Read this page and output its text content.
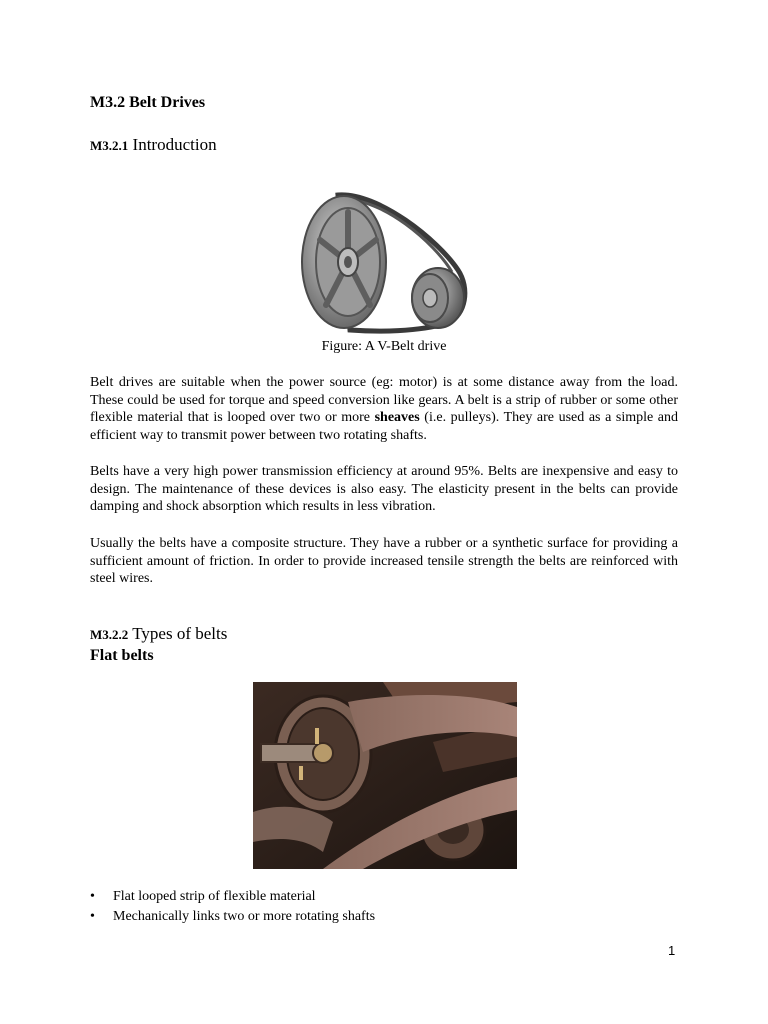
M3.2 Belt Drives
M3.2.1 Introduction
Figure: A V-Belt drive

Belt drives are suitable when the power source (eg: motor) is at some distance away from the load. These could be used for torque and speed conversion like gears. A belt is a strip of rubber or some other flexible material that is looped over two or more sheaves (i.e. pulleys). They are used as a simple and efficient way to transmit power between two rotating shafts.

Belts have a very high power transmission efficiency at around 95%. Belts are inexpensive and easy to design. The maintenance of these devices is also easy. The elasticity present in the belts can provide damping and shock absorption which results in less vibration.

Usually the belts have a composite structure. They have a rubber or a synthetic surface for providing a sufficient amount of friction. In order to provide increased tensile strength the belts are reinforced with steel wires.

M3.2.2 Types of belts
Flat belts
• Flat looped strip of flexible material
• Mechanically links two or more rotating shafts
1
